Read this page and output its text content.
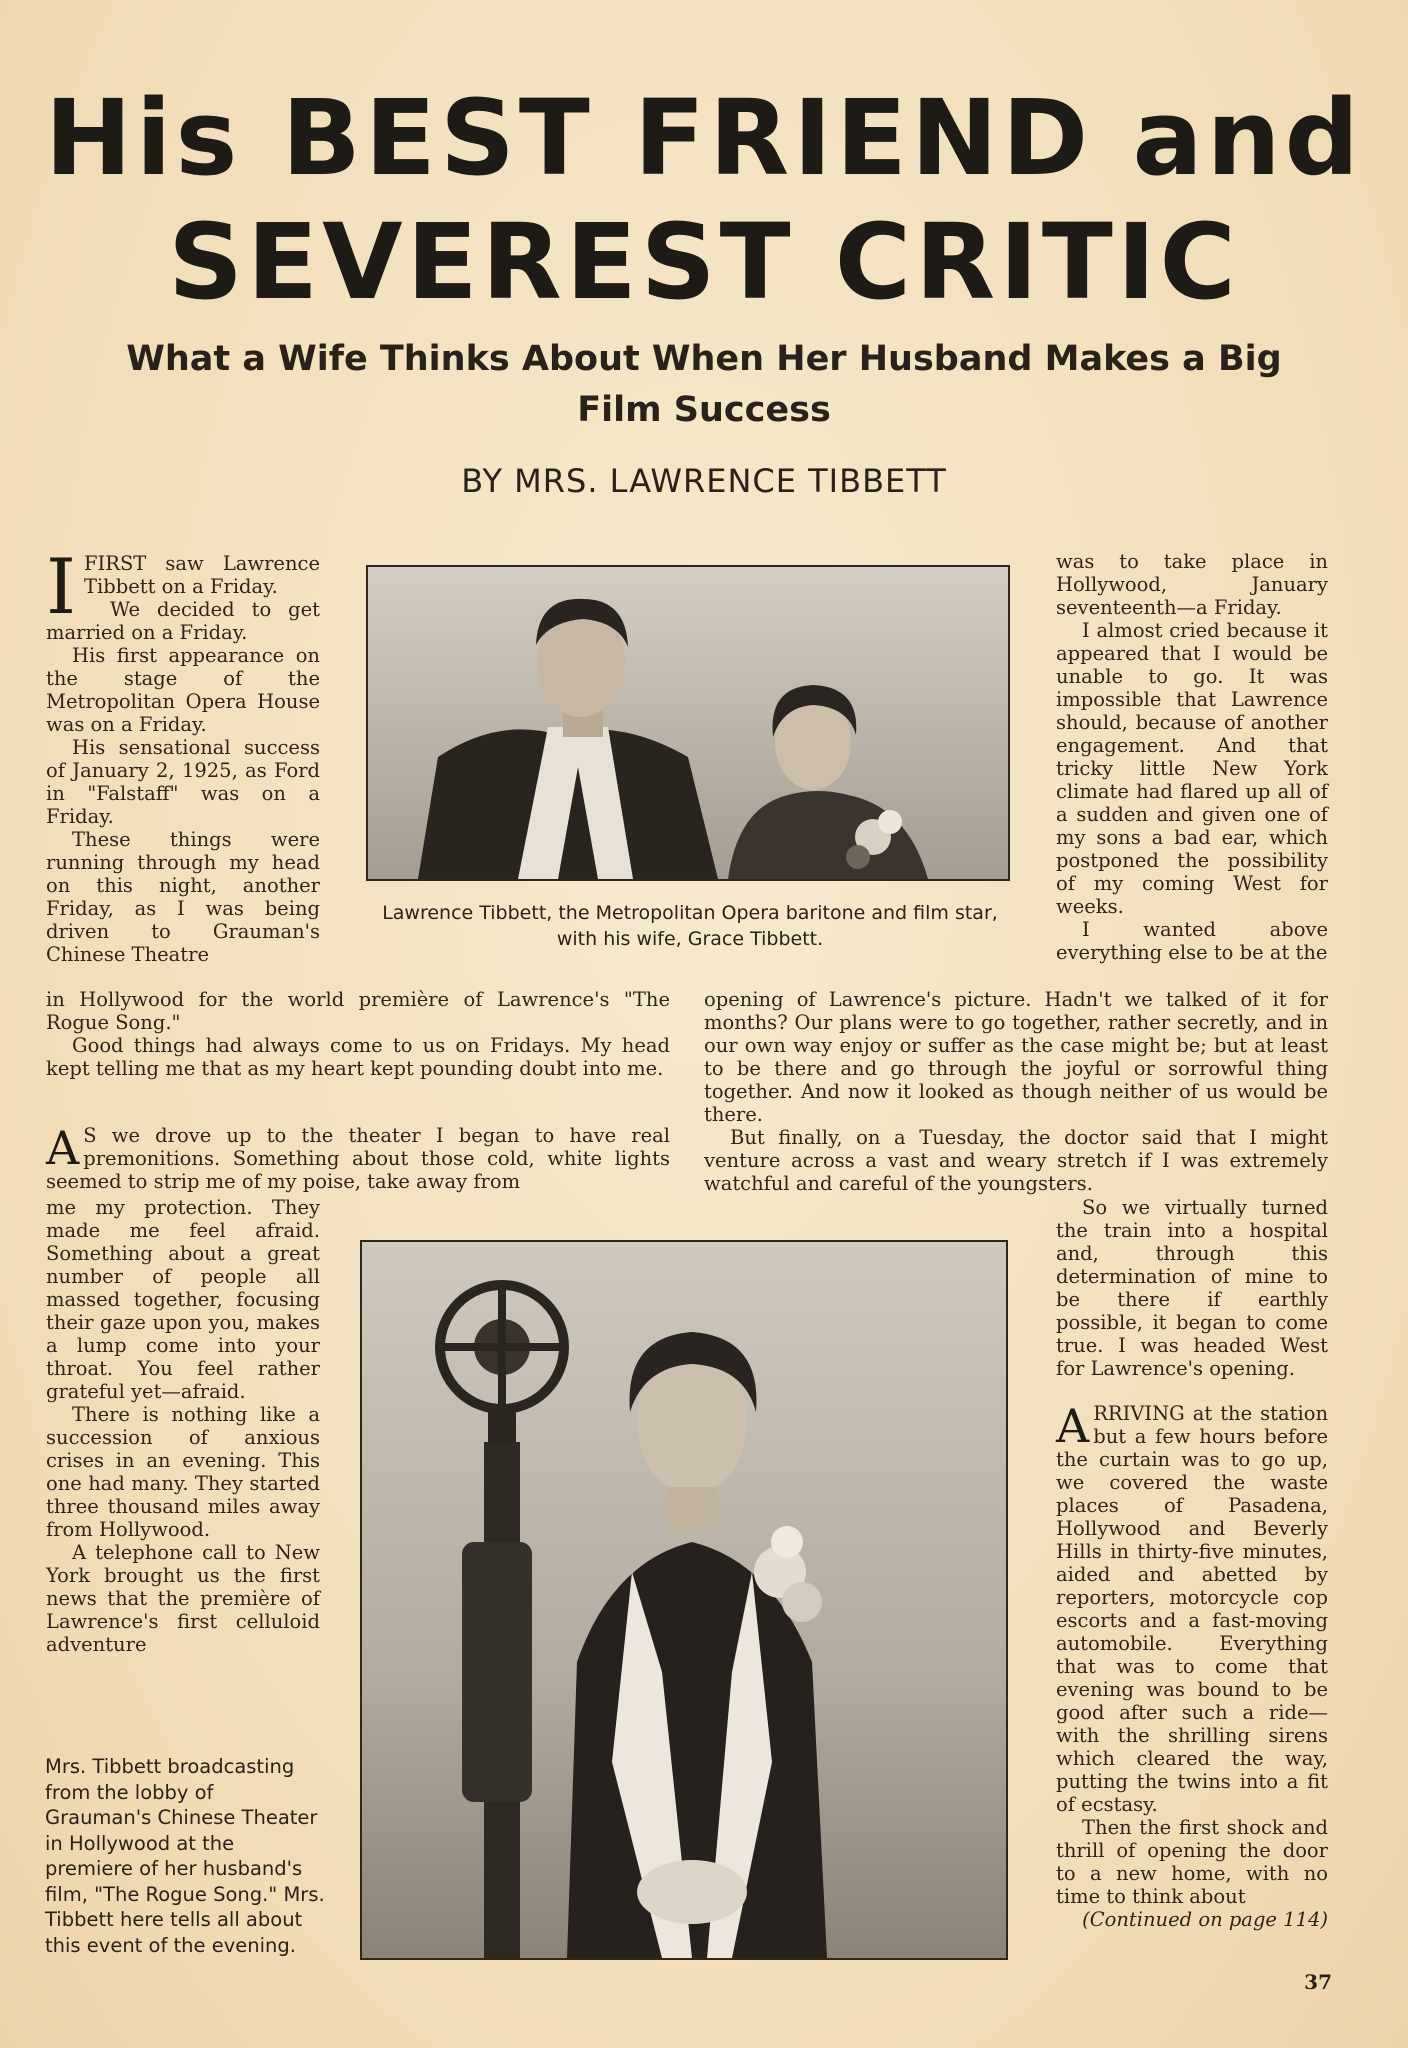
His BEST FRIEND and
SEVEREST CRITIC
What a Wife Thinks About When Her Husband Makes a Big Film Success
BY MRS. LAWRENCE TIBBETT

I FIRST saw Lawrence Tibbett on a Friday.

We decided to get married on a Friday.

His first appearance on the stage of the Metropolitan Opera House was on a Friday.

His sensational success of January 2, 1925, as Ford in "Falstaff" was on a Friday.

These things were running through my head on this night, another Friday, as I was being driven to Grauman's Chinese Theatre

Lawrence Tibbett, the Metropolitan Opera baritone and film star, with his wife, Grace Tibbett.

in Hollywood for the world première of Lawrence's "The Rogue Song."

Good things had always come to us on Fridays. My head kept telling me that as my heart kept pounding doubt into me.

A S we drove up to the theater I began to have real premonitions. Something about those cold, white lights seemed to strip me of my poise, take away from

me my protection. They made me feel afraid. Something about a great number of people all massed together, focusing their gaze upon you, makes a lump come into your throat. You feel rather grateful yet—afraid.

There is nothing like a succession of anxious crises in an evening. This one had many. They started three thousand miles away from Hollywood.

A telephone call to New York brought us the first news that the première of Lawrence's first celluloid adventure

was to take place in Hollywood, January seventeenth—a Friday.

I almost cried because it appeared that I would be unable to go. It was impossible that Lawrence should, because of another engagement. And that tricky little New York climate had flared up all of a sudden and given one of my sons a bad ear, which postponed the possibility of my coming West for weeks.

I wanted above everything else to be at the

opening of Lawrence's picture. Hadn't we talked of it for months? Our plans were to go together, rather secretly, and in our own way enjoy or suffer as the case might be; but at least to be there and go through the joyful or sorrowful thing together. And now it looked as though neither of us would be there.

But finally, on a Tuesday, the doctor said that I might venture across a vast and weary stretch if I was extremely watchful and careful of the youngsters.

So we virtually turned the train into a hospital and, through this determination of mine to be there if earthly possible, it began to come true. I was headed West for Lawrence's opening.

ARRIVING at the station but a few hours before the curtain was to go up, we covered the waste places of Pasadena, Hollywood and Beverly Hills in thirty-five minutes, aided and abetted by reporters, motorcycle cop escorts and a fast-moving automobile. Everything that was to come that evening was bound to be good after such a ride—with the shrilling sirens which cleared the way, putting the twins into a fit of ecstasy.

Then the first shock and thrill of opening the door to a new home, with no time to think about

(Continued on page 114)

Mrs. Tibbett broadcasting from the lobby of Grauman's Chinese Theater in Hollywood at the premiere of her husband's film, "The Rogue Song." Mrs. Tibbett here tells all about this event of the evening.

37
